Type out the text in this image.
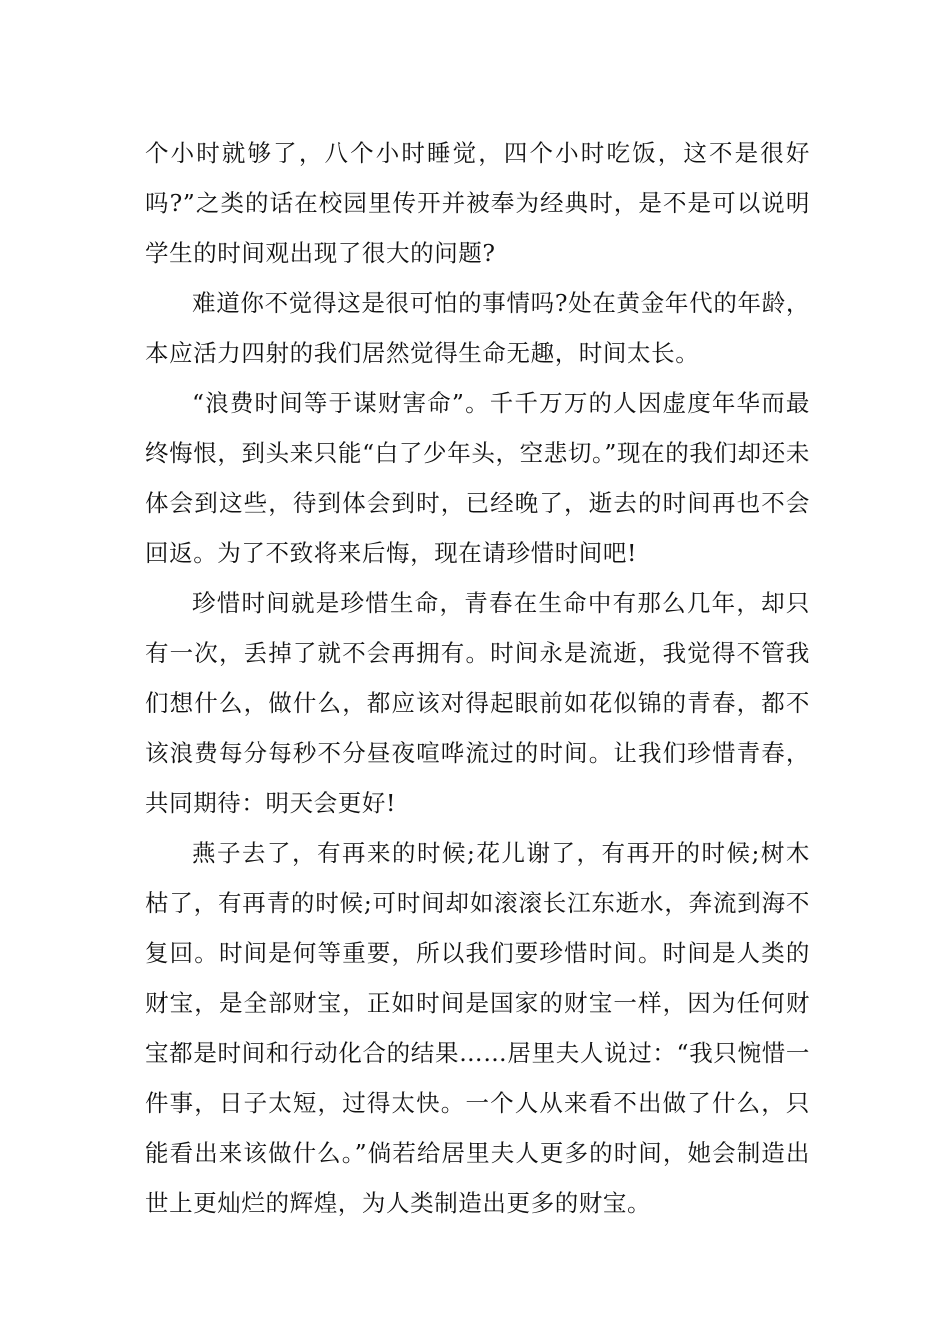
个小时就够了，八个小时睡觉，四个小时吃饭，这不是很好吗?”之类的话在校园里传开并被奉为经典时，是不是可以说明学生的时间观出现了很大的问题?

难道你不觉得这是很可怕的事情吗?处在黄金年代的年龄，本应活力四射的我们居然觉得生命无趣，时间太长。

“浪费时间等于谋财害命”。千千万万的人因虚度年华而最终悔恨，到头来只能“白了少年头，空悲切。”现在的我们却还未体会到这些，待到体会到时，已经晚了，逝去的时间再也不会回返。为了不致将来后悔，现在请珍惜时间吧!

珍惜时间就是珍惜生命，青春在生命中有那么几年，却只有一次，丢掉了就不会再拥有。时间永是流逝，我觉得不管我们想什么，做什么，都应该对得起眼前如花似锦的青春，都不该浪费每分每秒不分昼夜喧哗流过的时间。让我们珍惜青春，共同期待：明天会更好!

燕子去了，有再来的时候;花儿谢了，有再开的时候;树木枯了，有再青的时候;可时间却如滚滚长江东逝水，奔流到海不复回。时间是何等重要，所以我们要珍惜时间。时间是人类的财宝，是全部财宝，正如时间是国家的财宝一样，因为任何财宝都是时间和行动化合的结果……居里夫人说过：“我只惋惜一件事，日子太短，过得太快。一个人从来看不出做了什么，只能看出来该做什么。”倘若给居里夫人更多的时间，她会制造出世上更灿烂的辉煌，为人类制造出更多的财宝。
